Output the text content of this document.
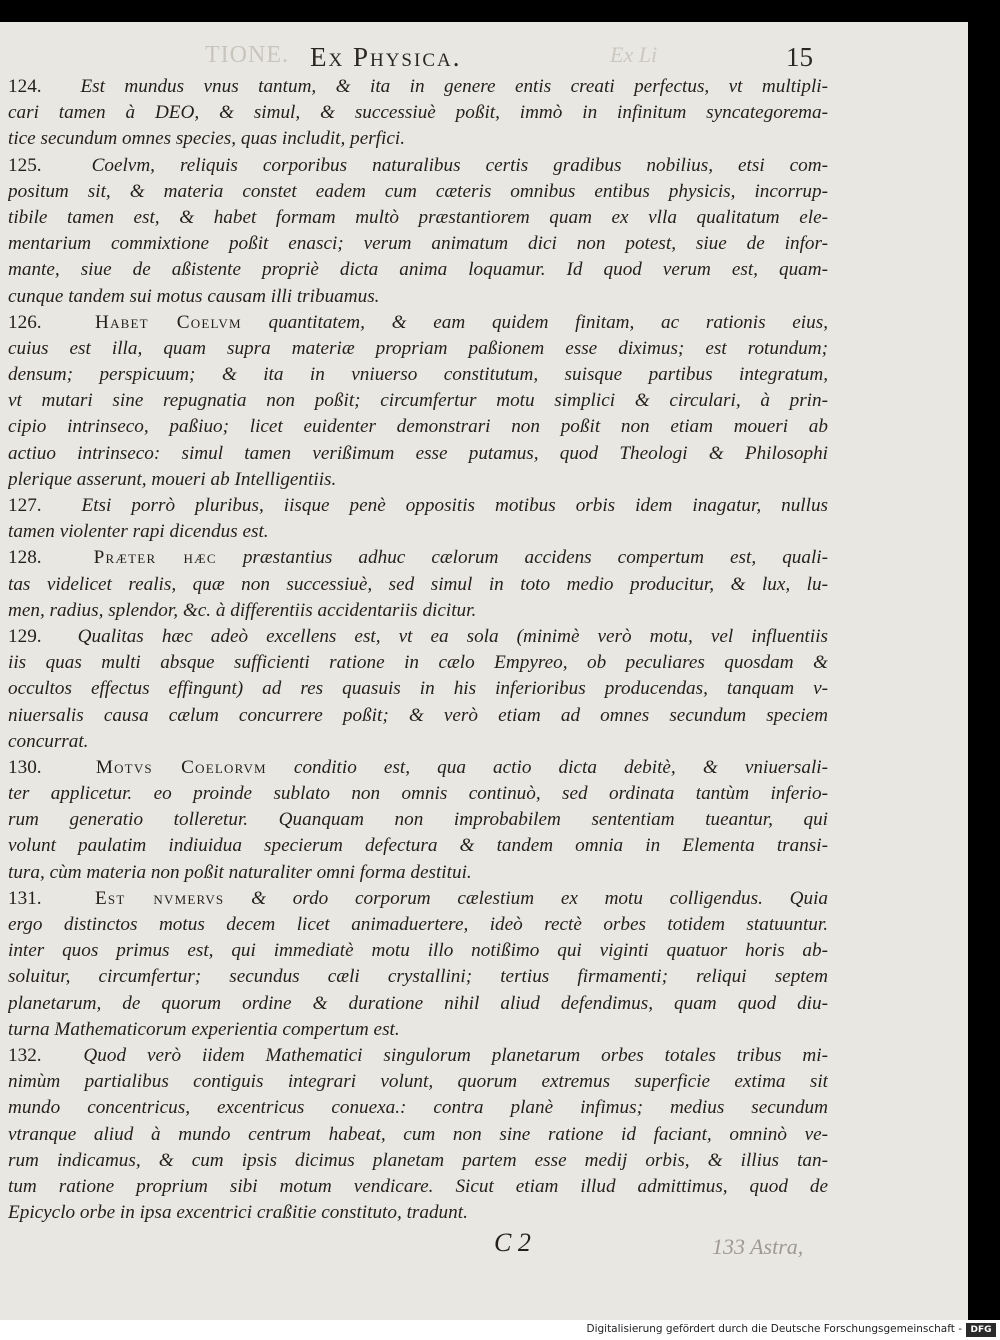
TIONE.	Ex Li
Ex Physica.	15
124. Est mundus vnus tantum, & ita in genere entis creati perfectus, vt multipli-
cari tamen à DEO, & simul, & successiuè poßit, immò in infinitum syncategorema-
tice secundum omnes species, quas includit, perfici.
125.	Coelvm, reliquis corporibus naturalibus certis gradibus nobilius, etsi com-
positum sit, & materia constet eadem cum cæteris omnibus entibus physicis, incorrup-
tibile tamen est, & habet formam multò præstantiorem quam ex vlla qualitatum ele-
mentarium commixtione poßit enasci; verum animatum dici non potest, siue de infor-
mante, siue de aßistente propriè dicta anima loquamur. Id quod verum est, quam-
cunque tandem sui motus causam illi tribuamus.
126.	Habet Coelvm quantitatem, & eam quidem finitam, ac rationis eius,
cuius est illa, quam supra materiæ propriam paßionem esse diximus; est rotundum;
densum; perspicuum; & ita in vniuerso constitutum, suisque partibus integratum,
vt mutari sine repugnatia non poßit; circumfertur motu simplici & circulari, à prin-
cipio intrinseco, paßiuo; licet euidenter demonstrari non poßit non etiam moueri ab
actiuo intrinseco: simul tamen verißimum esse putamus, quod Theologi & Philosophi
plerique asserunt, moueri ab Intelligentiis.
127. Etsi porrò pluribus, iisque penè oppositis motibus orbis idem inagatur, nullus
tamen violenter rapi dicendus est.
128.	Præter hæc præstantius adhuc cælorum accidens compertum est, quali-
tas videlicet realis, quæ non successiuè, sed simul in toto medio producitur, & lux, lu-
men, radius, splendor, &c. à differentiis accidentariis dicitur.
129. Qualitas hæc adeò excellens est, vt ea sola (minimè verò motu, vel influentiis
iis quas multi absque sufficienti ratione in cælo Empyreo, ob peculiares quosdam &
occultos effectus effingunt) ad res quasuis in his inferioribus producendas, tanquam v-
niuersalis causa cælum concurrere poßit; & verò etiam ad omnes secundum speciem
concurrat.
130.	Motvs Coelorvm conditio est, qua actio dicta debitè, & vniuersali-
ter applicetur. eo proinde sublato non omnis continuò, sed ordinata tantùm inferio-
rum generatio tolleretur. Quanquam non improbabilem sententiam tueantur, qui
volunt paulatim indiuidua specierum defectura & tandem omnia in Elementa transi-
tura, cùm materia non poßit naturaliter omni forma destitui.
131.	Est nvmervs & ordo corporum cælestium ex motu colligendus. Quia
ergo distinctos motus decem licet animaduertere, ideò rectè orbes totidem statuuntur.
inter quos primus est, qui immediatè motu illo notißimo qui viginti quatuor horis ab-
soluitur, circumfertur; secundus cæli crystallini; tertius firmamenti; reliqui septem
planetarum, de quorum ordine & duratione nihil aliud defendimus, quam quod diu-
turna Mathematicorum experientia compertum est.
132. Quod verò iidem Mathematici singulorum planetarum orbes totales tribus mi-
nimùm partialibus contiguis integrari volunt, quorum extremus superficie extima sit
mundo concentricus, excentricus conuexa.: contra planè infimus; medius secundum
vtranque aliud à mundo centrum habeat, cum non sine ratione id faciant, omninò ve-
rum indicamus, & cum ipsis dicimus planetam partem esse medij orbis, & illius tan-
tum ratione proprium sibi motum vendicare. Sicut etiam illud admittimus, quod de
Epicyclo orbe in ipsa excentrici craßitie constituto, tradunt.
C 2	133 Astra,
Digitalisierung gefördert durch die Deutsche Forschungsgemeinschaft - DFG
